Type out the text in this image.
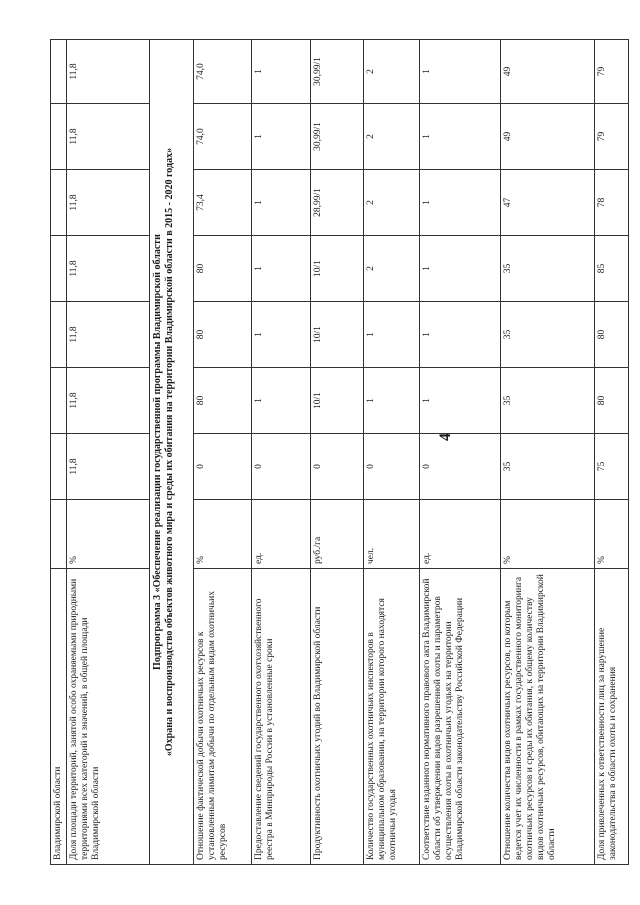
4
Владимирской области								
Доля площади территорий, занятой особо охраняемыми природными территориями всех категорий и значений, в общей площади Владимирской области	%	11,8	11,8	11,8	11,8	11,8	11,8	11,8

Подпрограмма 3 «Обеспечение реализации государственной программы Владимирской области «Охрана и воспроизводство объектов животного мира и среды их обитания на территории Владимирской области в 2015 - 2020 годах»								

Отношение фактической добычи охотничьих ресурсов к установленным лимитам добычи по отдельным видам охотничьих ресурсов	%	0	80	80	80	73,4	74,0	74,0
Предоставление сведений государственного охотхозяйственного реестра в Минприроды России в установленные сроки	ед.	0	1	1	1	1	1	1
Продуктивность охотничьих угодий во Владимирской области	руб./га	0	10/1	10/1	10/1	28,99/1	30,99/1	30,99/1
Количество государственных охотничьих инспекторов в муниципальном образовании, на территории которого находятся охотничьи угодья	чел.	0	1	1	2	2	2	2
Соответствие изданного нормативного правового акта Владимирской области об утверждении видов разрешенной охоты и параметров осуществления охоты в охотничьих угодьях на территории Владимирской области законодательству Российской Федерации	ед.	0	1	1	1	1	1	1
Отношение количества видов охотничьих ресурсов, по которым ведется учет их численности в рамках государственного мониторинга охотничьих ресурсов и среды их обитания, к общему количеству видов охотничьих ресурсов, обитающих на территории Владимирской области	%	35	35	35	35	47	49	49
Доля привлеченных к ответственности лиц за нарушение законодательства в области охоты и сохранения	%	75	80	80	85	78	79	79
